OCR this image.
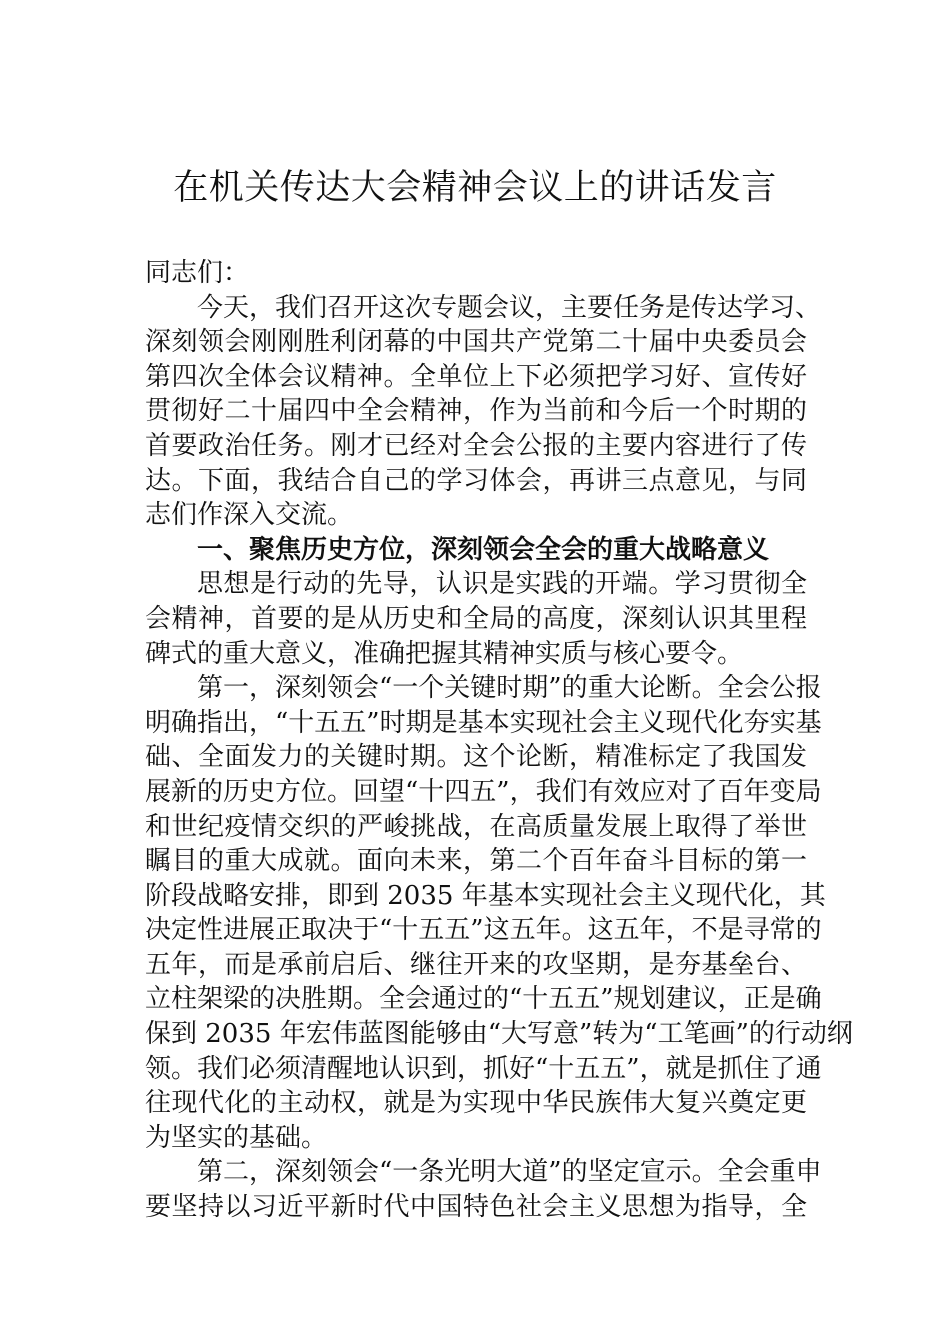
在机关传达大会精神会议上的讲话发言
同志们：
今天，我们召开这次专题会议，主要任务是传达学习、
深刻领会刚刚胜利闭幕的中国共产党第二十届中央委员会
第四次全体会议精神。全单位上下必须把学习好、宣传好
贯彻好二十届四中全会精神，作为当前和今后一个时期的
首要政治任务。刚才已经对全会公报的主要内容进行了传
达。下面，我结合自己的学习体会，再讲三点意见，与同
志们作深入交流。
一、聚焦历史方位，深刻领会全会的重大战略意义
思想是行动的先导，认识是实践的开端。学习贯彻全
会精神，首要的是从历史和全局的高度，深刻认识其里程
碑式的重大意义，准确把握其精神实质与核心要令。
第一，深刻领会“一个关键时期”的重大论断。全会公报
明确指出，“十五五”时期是基本实现社会主义现代化夯实基
础、全面发力的关键时期。这个论断，精准标定了我国发
展新的历史方位。回望“十四五”，我们有效应对了百年变局
和世纪疫情交织的严峻挑战，在高质量发展上取得了举世
瞩目的重大成就。面向未来，第二个百年奋斗目标的第一
阶段战略安排，即到 2035 年基本实现社会主义现代化，其
决定性进展正取决于“十五五”这五年。这五年，不是寻常的
五年，而是承前启后、继往开来的攻坚期，是夯基垒台、
立柱架梁的决胜期。全会通过的“十五五”规划建议，正是确
保到 2035 年宏伟蓝图能够由“大写意”转为“工笔画”的行动纲
领。我们必须清醒地认识到，抓好“十五五”，就是抓住了通
往现代化的主动权，就是为实现中华民族伟大复兴奠定更
为坚实的基础。
第二，深刻领会“一条光明大道”的坚定宣示。全会重申
要坚持以习近平新时代中国特色社会主义思想为指导，全
